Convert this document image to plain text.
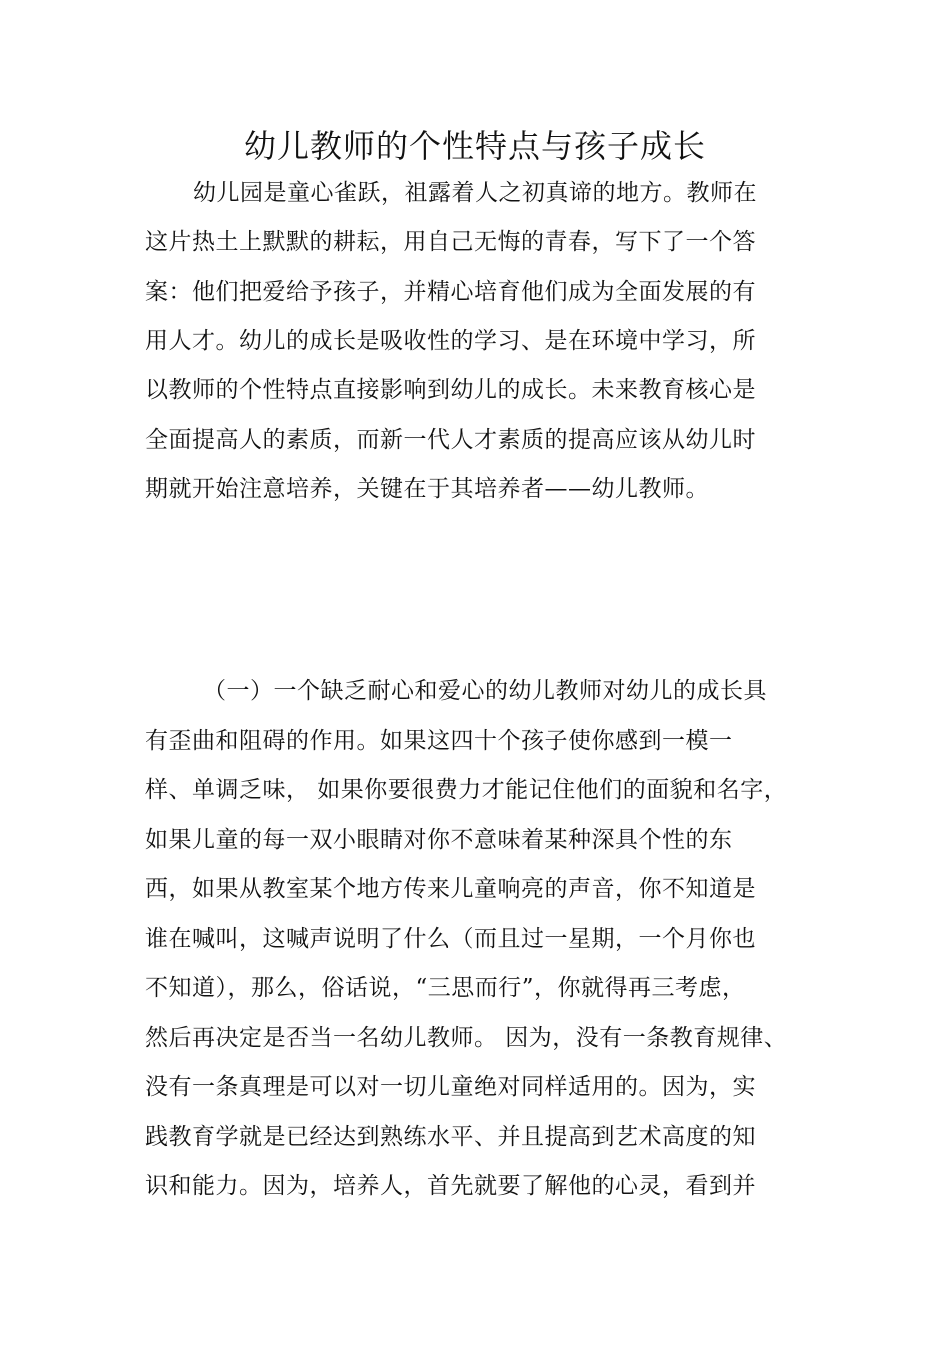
幼儿教师的个性特点与孩子成长
幼儿园是童心雀跃，祖露着人之初真谛的地方。教师在
这片热土上默默的耕耘，用自己无悔的青春，写下了一个答
案：他们把爱给予孩子，并精心培育他们成为全面发展的有
用人才。幼儿的成长是吸收性的学习、是在环境中学习，所
以教师的个性特点直接影响到幼儿的成长。未来教育核心是
全面提高人的素质，而新一代人才素质的提高应该从幼儿时
期就开始注意培养，关键在于其培养者——幼儿教师。
（一）一个缺乏耐心和爱心的幼儿教师对幼儿的成长具
有歪曲和阻碍的作用。如果这四十个孩子使你感到一模一
样、单调乏味， 如果你要很费力才能记住他们的面貌和名字，
如果儿童的每一双小眼睛对你不意味着某种深具个性的东
西，如果从教室某个地方传来儿童响亮的声音，你不知道是
谁在喊叫，这喊声说明了什么（而且过一星期，一个月你也
不知道），那么，俗话说，“三思而行”，你就得再三考虑，
然后再决定是否当一名幼儿教师。 因为，没有一条教育规律、
没有一条真理是可以对一切儿童绝对同样适用的。因为，实
践教育学就是已经达到熟练水平、并且提高到艺术高度的知
识和能力。因为，培养人，首先就要了解他的心灵，看到并
